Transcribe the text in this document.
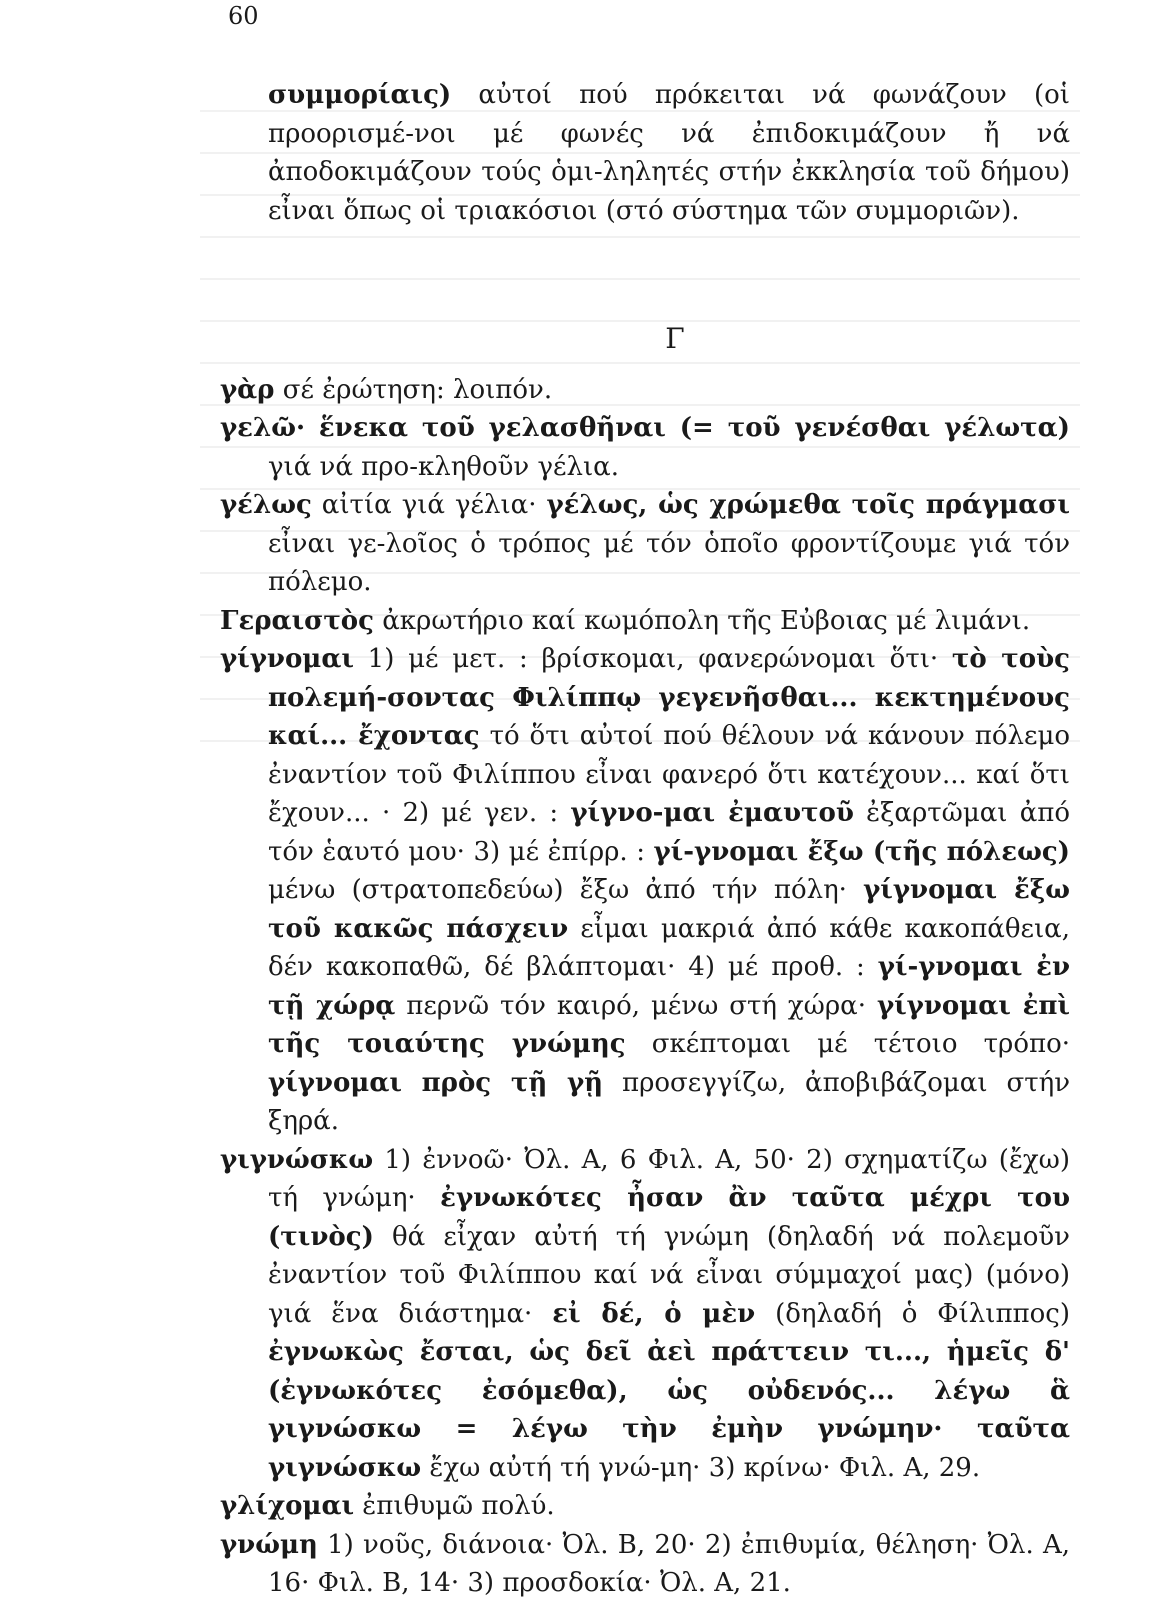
60

συμμορίαις) αὐτοί πού πρόκειται νά φωνάζουν (οἱ προορισμέ-νοι μέ φωνές νά ἐπιδοκιμάζουν ἤ νά ἀποδοκιμάζουν τούς ὁμι-ληλητές στήν ἐκκλησία τοῦ δήμου) εἶναι ὅπως οἱ τριακόσιοι (στό σύστημα τῶν συμμοριῶν).

Γ

γὰρ σέ ἐρώτηση: λοιπόν.

γελῶ· ἕνεκα τοῦ γελασθῆναι (= τοῦ γενέσθαι γέλωτα) γιά νά προ-κληθοῦν γέλια.

γέλως αἰτία γιά γέλια· γέλως, ὡς χρώμεθα τοῖς πράγμασι εἶναι γε-λοῖος ὁ τρόπος μέ τόν ὁποῖο φροντίζουμε γιά τόν πόλεμο.

Γεραιστὸς ἀκρωτήριο καί κωμόπολη τῆς Εὐβοιας μέ λιμάνι.

γίγνομαι 1) μέ μετ. : βρίσκομαι, φανερώνομαι ὅτι· τὸ τοὺς πολεμή-σοντας Φιλίππῳ γεγενῆσθαι... κεκτημένους καί... ἔχοντας τό ὅτι αὐτοί πού θέλουν νά κάνουν πόλεμο ἐναντίον τοῦ Φιλίππου εἶναι φανερό ὅτι κατέχουν... καί ὅτι ἔχουν... · 2) μέ γεν. : γίγνο-μαι ἐμαυτοῦ ἐξαρτῶμαι ἀπό τόν ἑαυτό μου· 3) μέ ἐπίρρ. : γί-γνομαι ἔξω (τῆς πόλεως) μένω (στρατοπεδεύω) ἔξω ἀπό τήν πόλη· γίγνομαι ἔξω τοῦ κακῶς πάσχειν εἶμαι μακριά ἀπό κάθε κακοπάθεια, δέν κακοπαθῶ, δέ βλάπτομαι· 4) μέ προθ. : γί-γνομαι ἐν τῇ χώρᾳ περνῶ τόν καιρό, μένω στή χώρα· γίγνομαι ἐπὶ τῆς τοιαύτης γνώμης σκέπτομαι μέ τέτοιο τρόπο· γίγνομαι πρὸς τῇ γῇ προσεγγίζω, ἀποβιβάζομαι στήν ξηρά.

γιγνώσκω 1) ἐννοῶ· Ὀλ. Α, 6 Φιλ. Α, 50· 2) σχηματίζω (ἔχω) τή γνώμη· ἐγνωκότες ἦσαν ἂν ταῦτα μέχρι του (τινὸς) θά εἶχαν αὐτή τή γνώμη (δηλαδή νά πολεμοῦν ἐναντίον τοῦ Φιλίππου καί νά εἶναι σύμμαχοί μας) (μόνο) γιά ἕνα διάστημα· εἰ δέ, ὁ μὲν (δηλαδή ὁ Φίλιππος) ἐγνωκὼς ἔσται, ὡς δεῖ ἀεὶ πράττειν τι..., ἡμεῖς δ' (ἐγνωκότες ἐσόμεθα), ὡς οὐδενός... λέγω ἃ γιγνώσκω = λέγω τὴν ἐμὴν γνώμην· ταῦτα γιγνώσκω ἔχω αὐτή τή γνώ-μη· 3) κρίνω· Φιλ. Α, 29.

γλίχομαι ἐπιθυμῶ πολύ.

γνώμη 1) νοῦς, διάνοια· Ὀλ. Β, 20· 2) ἐπιθυμία, θέληση· Ὀλ. Α, 16· Φιλ. Β, 14· 3) προσδοκία· Ὀλ. Α, 21.
